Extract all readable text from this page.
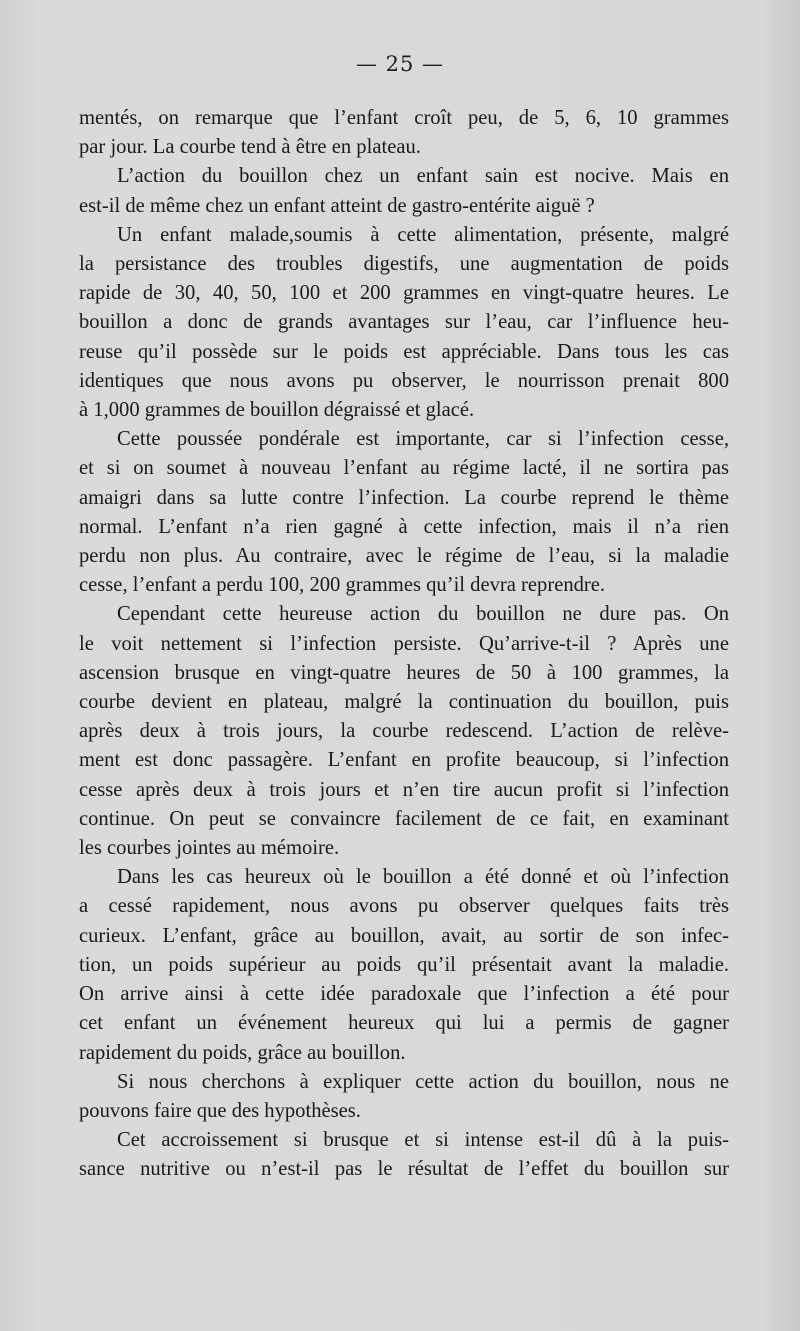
— 25 —

mentés, on remarque que l’enfant croît peu, de 5, 6, 10 grammes
par jour. La courbe tend à être en plateau.

L’action du bouillon chez un enfant sain est nocive. Mais en
est-il de même chez un enfant atteint de gastro-entérite aiguë ?

Un enfant malade,soumis à cette alimentation, présente, malgré
la persistance des troubles digestifs, une augmentation de poids
rapide de 30, 40, 50, 100 et 200 grammes en vingt-quatre heures. Le
bouillon a donc de grands avantages sur l’eau, car l’influence heu-
reuse qu’il possède sur le poids est appréciable. Dans tous les cas
identiques que nous avons pu observer, le nourrisson prenait 800
à 1,000 grammes de bouillon dégraissé et glacé.

Cette poussée pondérale est importante, car si l’infection cesse,
et si on soumet à nouveau l’enfant au régime lacté, il ne sortira pas
amaigri dans sa lutte contre l’infection. La courbe reprend le thème
normal. L’enfant n’a rien gagné à cette infection, mais il n’a rien
perdu non plus. Au contraire, avec le régime de l’eau, si la maladie
cesse, l’enfant a perdu 100, 200 grammes qu’il devra reprendre.

Cependant cette heureuse action du bouillon ne dure pas. On
le voit nettement si l’infection persiste. Qu’arrive-t-il ? Après une
ascension brusque en vingt-quatre heures de 50 à 100 grammes, la
courbe devient en plateau, malgré la continuation du bouillon, puis
après deux à trois jours, la courbe redescend. L’action de relève-
ment est donc passagère. L’enfant en profite beaucoup, si l’infection
cesse après deux à trois jours et n’en tire aucun profit si l’infection
continue. On peut se convaincre facilement de ce fait, en examinant
les courbes jointes au mémoire.

Dans les cas heureux où le bouillon a été donné et où l’infection
a cessé rapidement, nous avons pu observer quelques faits très
curieux. L’enfant, grâce au bouillon, avait, au sortir de son infec-
tion, un poids supérieur au poids qu’il présentait avant la maladie.
On arrive ainsi à cette idée paradoxale que l’infection a été pour
cet enfant un événement heureux qui lui a permis de gagner
rapidement du poids, grâce au bouillon.

Si nous cherchons à expliquer cette action du bouillon, nous ne
pouvons faire que des hypothèses.

Cet accroissement si brusque et si intense est-il dû à la puis-
sance nutritive ou n’est-il pas le résultat de l’effet du bouillon sur
